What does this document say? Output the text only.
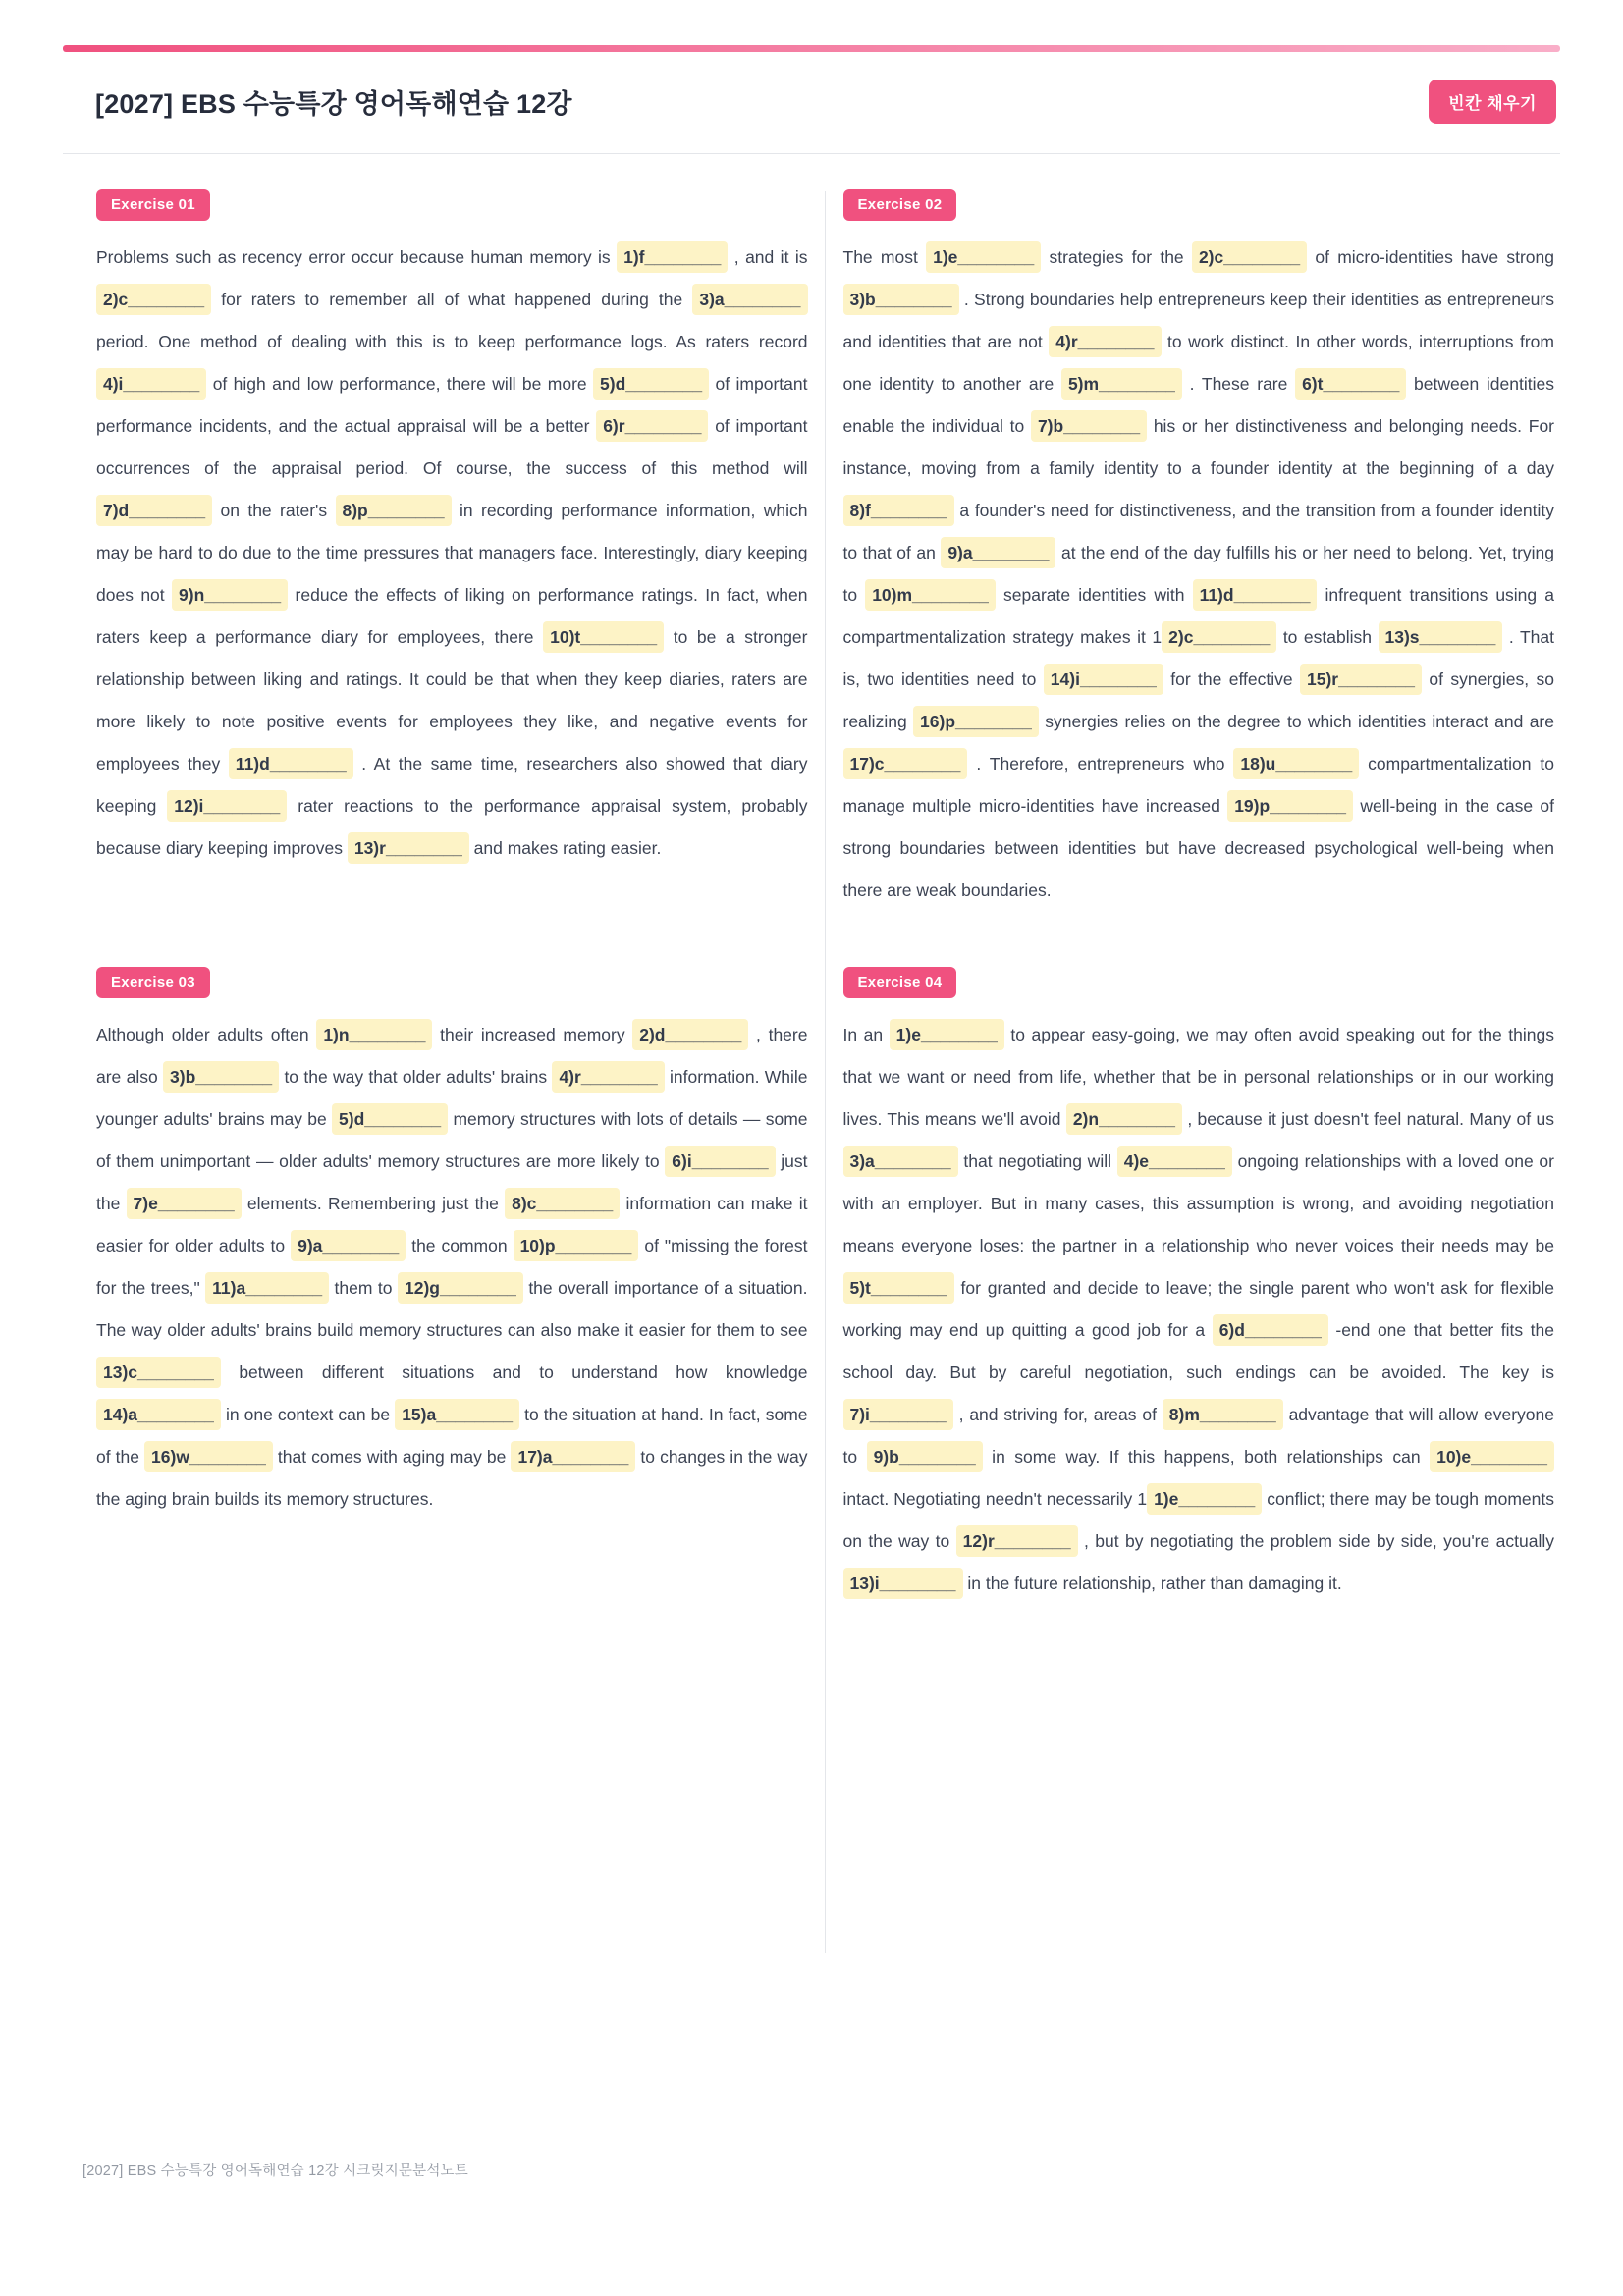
[2027] EBS 수능특강 영어독해연습 12강	빈칸 채우기
Exercise 01

Problems such as recency error occur because human memory is 1)f________ , and it is 2)c________ for raters to remember all of what happened during the 3)a________ period. One method of dealing with this is to keep performance logs. As raters record 4)i________ of high and low performance, there will be more 5)d________ of important performance incidents, and the actual appraisal will be a better 6)r________ of important occurrences of the appraisal period. Of course, the success of this method will 7)d________ on the rater's 8)p________ in recording performance information, which may be hard to do due to the time pressures that managers face. Interestingly, diary keeping does not 9)n________ reduce the effects of liking on performance ratings. In fact, when raters keep a performance diary for employees, there 10)t________ to be a stronger relationship between liking and ratings. It could be that when they keep diaries, raters are more likely to note positive events for employees they like, and negative events for employees they 11)d________ . At the same time, researchers also showed that diary keeping 12)i________ rater reactions to the performance appraisal system, probably because diary keeping improves 13)r________ and makes rating easier.

Exercise 02

The most 1)e________ strategies for the 2)c________ of micro-identities have strong 3)b________ . Strong boundaries help entrepreneurs keep their identities as entrepreneurs and identities that are not 4)r________ to work distinct. In other words, interruptions from one identity to another are 5)m________ . These rare 6)t________ between identities enable the individual to 7)b________ his or her distinctiveness and belonging needs. For instance, moving from a family identity to a founder identity at the beginning of a day 8)f________ a founder's need for distinctiveness, and the transition from a founder identity to that of an 9)a________ at the end of the day fulfills his or her need to belong. Yet, trying to 10)m________ separate identities with 11)d________ infrequent transitions using a compartmentalization strategy makes it 1 2)c________ to establish 13)s________ . That is, two identities need to 14)i________ for the effective 15)r________ of synergies, so realizing 16)p________ synergies relies on the degree to which identities interact and are 17)c________ . Therefore, entrepreneurs who 18)u________ compartmentalization to manage multiple micro-identities have increased 19)p________ well-being in the case of strong boundaries between identities but have decreased psychological well-being when there are weak boundaries.

Exercise 03

Although older adults often 1)n________ their increased memory 2)d________ , there are also 3)b________ to the way that older adults' brains 4)r________ information. While younger adults' brains may be 5)d________ memory structures with lots of details — some of them unimportant — older adults' memory structures are more likely to 6)i________ just the 7)e________ elements. Remembering just the 8)c________ information can make it easier for older adults to 9)a________ the common 10)p________ of "missing the forest for the trees," 11)a________ them to 12)g________ the overall importance of a situation. The way older adults' brains build memory structures can also make it easier for them to see 13)c________ between different situations and to understand how knowledge 14)a________ in one context can be 15)a________ to the situation at hand. In fact, some of the 16)w________ that comes with aging may be 17)a________ to changes in the way the aging brain builds its memory structures.

Exercise 04

In an 1)e________ to appear easy-going, we may often avoid speaking out for the things that we want or need from life, whether that be in personal relationships or in our working lives. This means we'll avoid 2)n________ , because it just doesn't feel natural. Many of us 3)a________ that negotiating will 4)e________ ongoing relationships with a loved one or with an employer. But in many cases, this assumption is wrong, and avoiding negotiation means everyone loses: the partner in a relationship who never voices their needs may be 5)t________ for granted and decide to leave; the single parent who won't ask for flexible working may end up quitting a good job for a 6)d________ -end one that better fits the school day. But by careful negotiation, such endings can be avoided. The key is 7)i________ , and striving for, areas of 8)m________ advantage that will allow everyone to 9)b________ in some way. If this happens, both relationships can 10)e________ intact. Negotiating needn't necessarily 1 1)e________ conflict; there may be tough moments on the way to 12)r________ , but by negotiating the problem side by side, you're actually 13)i________ in the future relationship, rather than damaging it.

[2027] EBS 수능특강 영어독해연습 12강 시크릿지문분석노트
